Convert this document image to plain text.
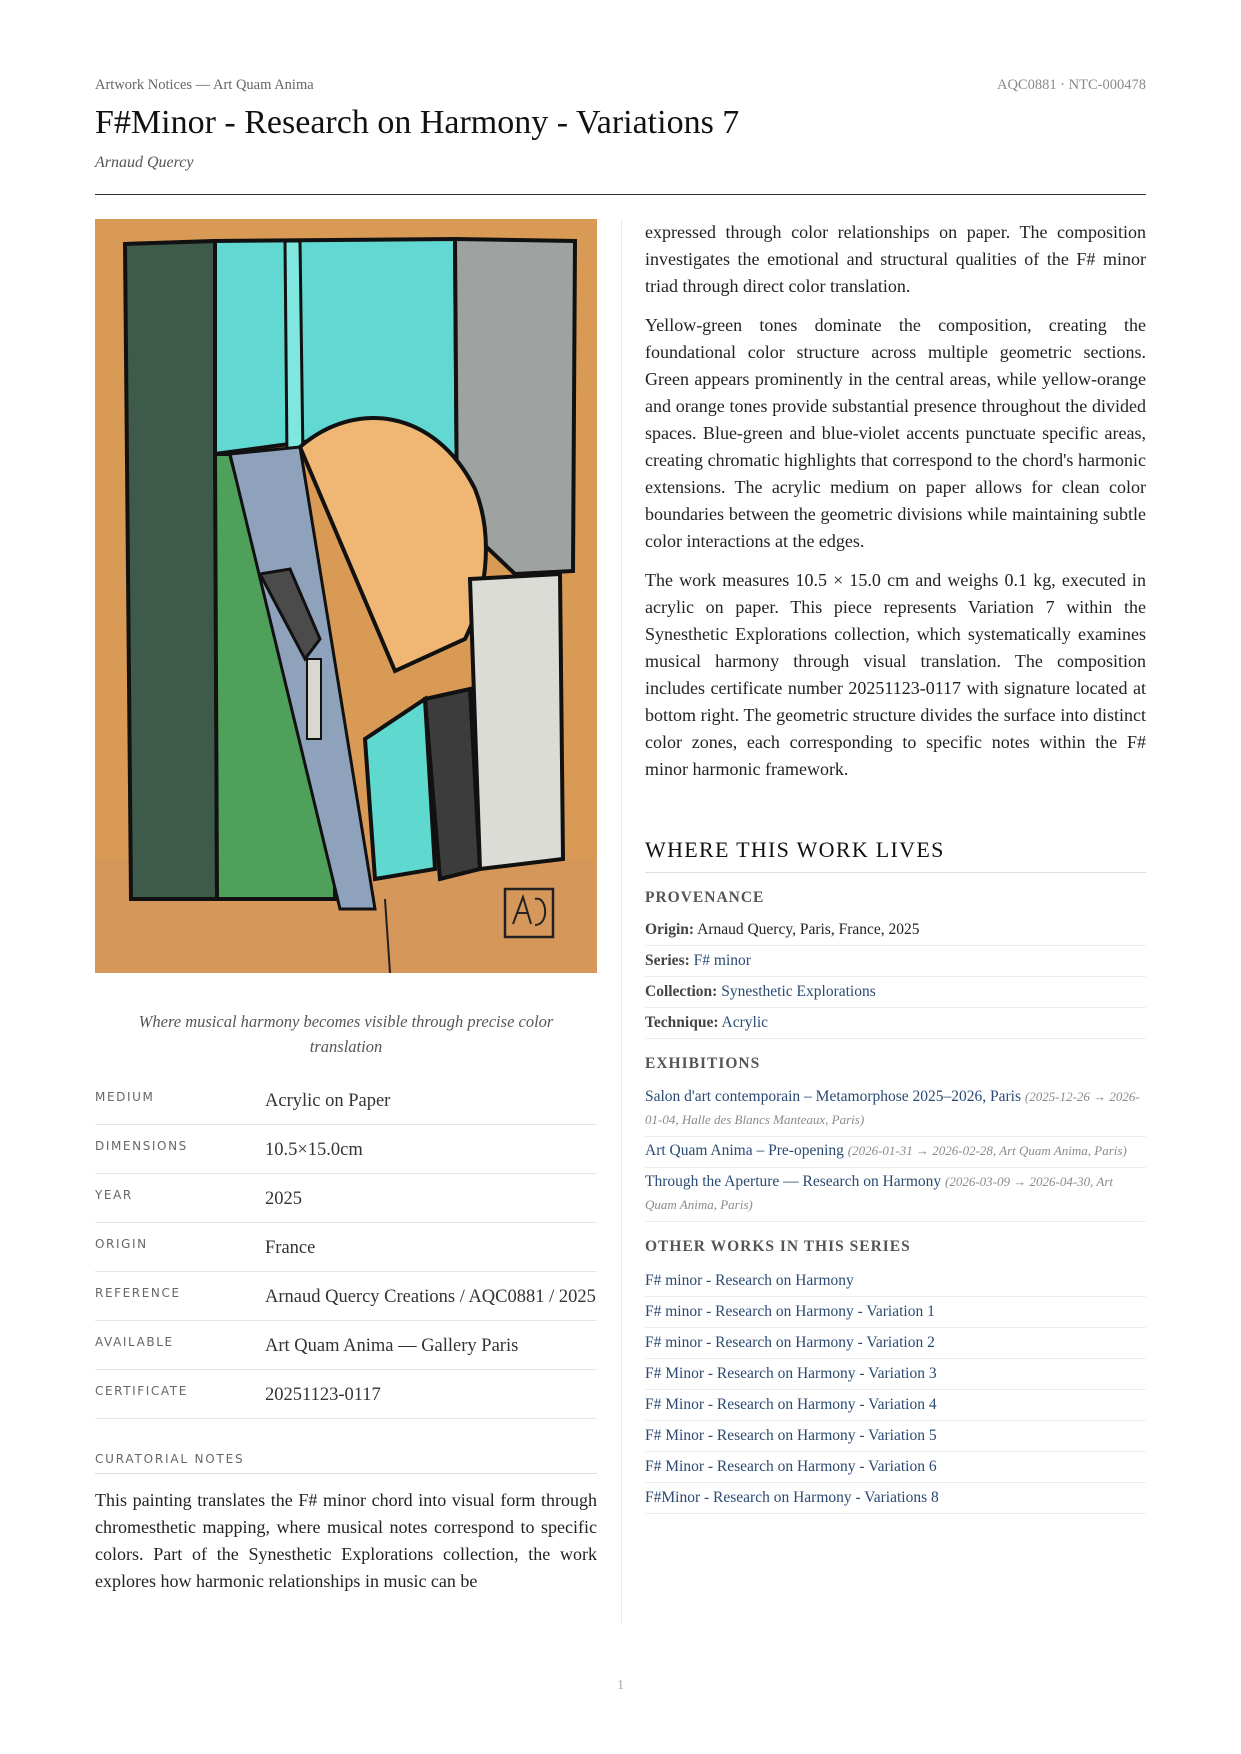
Artwork Notices — Art Quam Anima	AQC0881 · NTC-000478
F#Minor - Research on Harmony - Variations 7
Arnaud Quercy
Where musical harmony becomes visible through precise color translation
MEDIUM	Acrylic on Paper
DIMENSIONS	10.5×15.0cm
YEAR	2025
ORIGIN	France
REFERENCE	Arnaud Quercy Creations / AQC0881 / 2025
AVAILABLE	Art Quam Anima — Gallery Paris
CERTIFICATE	20251123-0117
CURATORIAL NOTES
This painting translates the F# minor chord into visual form through chromesthetic mapping, where musical notes correspond to specific colors. Part of the Synesthetic Explorations collection, the work explores how harmonic relationships in music can be

expressed through color relationships on paper. The composition investigates the emotional and structural qualities of the F# minor triad through direct color translation.

Yellow-green tones dominate the composition, creating the foundational color structure across multiple geometric sections. Green appears prominently in the central areas, while yellow-orange and orange tones provide substantial presence throughout the divided spaces. Blue-green and blue-violet accents punctuate specific areas, creating chromatic highlights that correspond to the chord's harmonic extensions. The acrylic medium on paper allows for clean color boundaries between the geometric divisions while maintaining subtle color interactions at the edges.

The work measures 10.5 × 15.0 cm and weighs 0.1 kg, executed in acrylic on paper. This piece represents Variation 7 within the Synesthetic Explorations collection, which systematically examines musical harmony through visual translation. The composition includes certificate number 20251123-0117 with signature located at bottom right. The geometric structure divides the surface into distinct color zones, each corresponding to specific notes within the F# minor harmonic framework.

WHERE THIS WORK LIVES
PROVENANCE
Origin: Arnaud Quercy, Paris, France, 2025
Series: F# minor
Collection: Synesthetic Explorations
Technique: Acrylic
EXHIBITIONS
Salon d'art contemporain – Metamorphose 2025–2026, Paris (2025-12-26 → 2026-01-04, Halle des Blancs Manteaux, Paris)
Art Quam Anima – Pre-opening (2026-01-31 → 2026-02-28, Art Quam Anima, Paris)
Through the Aperture — Research on Harmony (2026-03-09 → 2026-04-30, Art Quam Anima, Paris)
OTHER WORKS IN THIS SERIES
F# minor - Research on Harmony
F# minor - Research on Harmony - Variation 1
F# minor - Research on Harmony - Variation 2
F# Minor - Research on Harmony - Variation 3
F# Minor - Research on Harmony - Variation 4
F# Minor - Research on Harmony - Variation 5
F# Minor - Research on Harmony - Variation 6
F#Minor - Research on Harmony - Variations 8
1
